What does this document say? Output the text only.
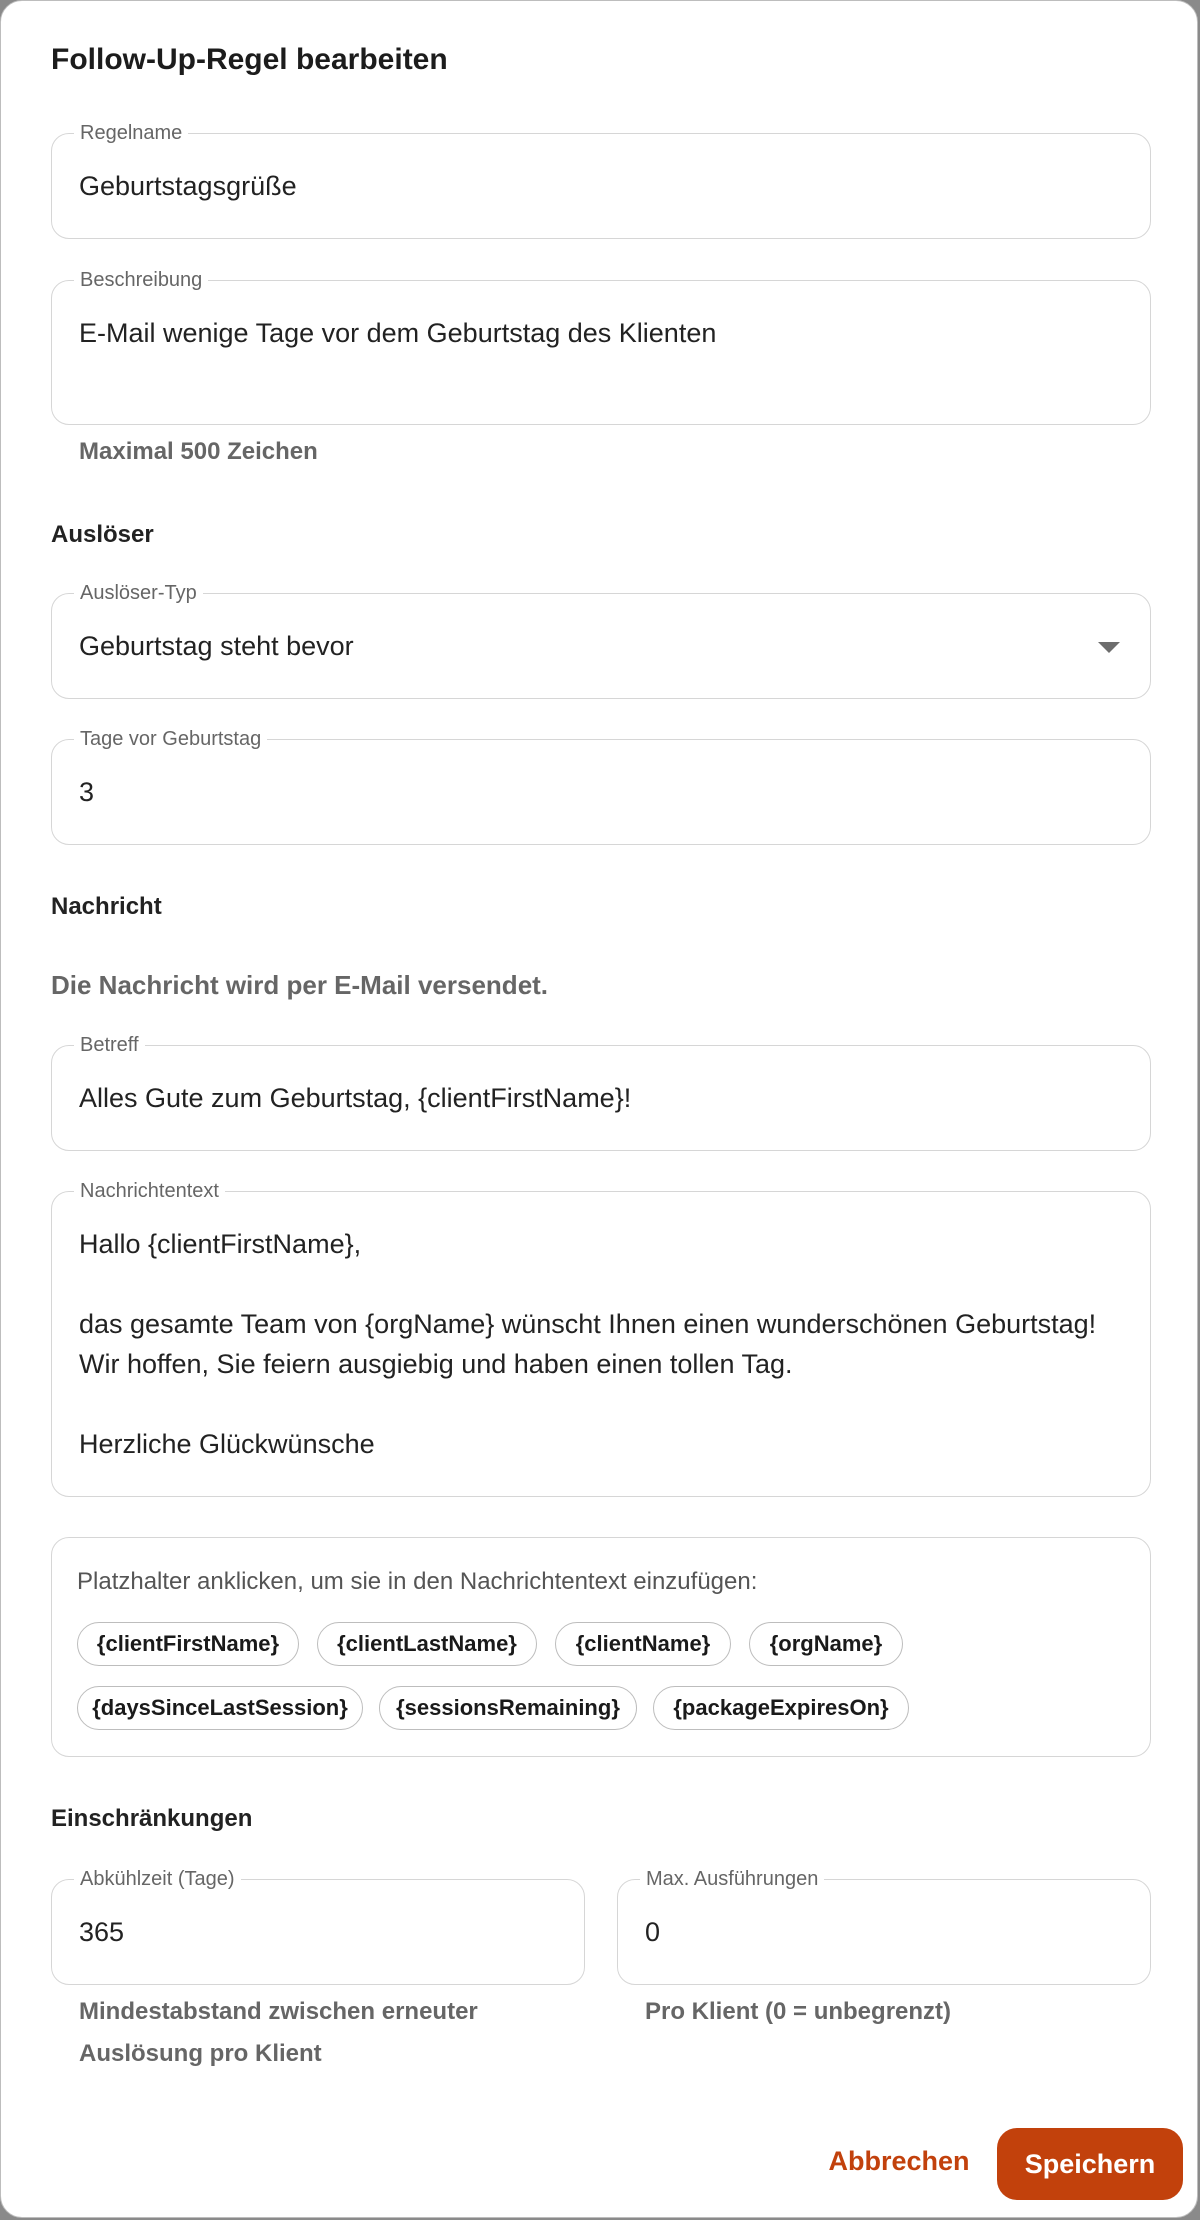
Follow-Up-Regel bearbeiten
Regelname
Geburtstagsgrüße
Beschreibung
E-Mail wenige Tage vor dem Geburtstag des Klienten
Maximal 500 Zeichen
Auslöser
Auslöser-Typ
Geburtstag steht bevor
Tage vor Geburtstag
3
Nachricht
Die Nachricht wird per E-Mail versendet.
Betreff
Alles Gute zum Geburtstag, {clientFirstName}!
Nachrichtentext
Hallo {clientFirstName},
das gesamte Team von {orgName} wünscht Ihnen einen wunderschönen Geburtstag!
Wir hoffen, Sie feiern ausgiebig und haben einen tollen Tag.
Herzliche Glückwünsche
Platzhalter anklicken, um sie in den Nachrichtentext einzufügen:
{clientFirstName}	{clientLastName}	{clientName}	{orgName}
{daysSinceLastSession}	{sessionsRemaining}	{packageExpiresOn}
Einschränkungen
Abkühlzeit (Tage)
365
Mindestabstand zwischen erneuter
Auslösung pro Klient
Max. Ausführungen
0
Pro Klient (0 = unbegrenzt)
Abbrechen	Speichern
